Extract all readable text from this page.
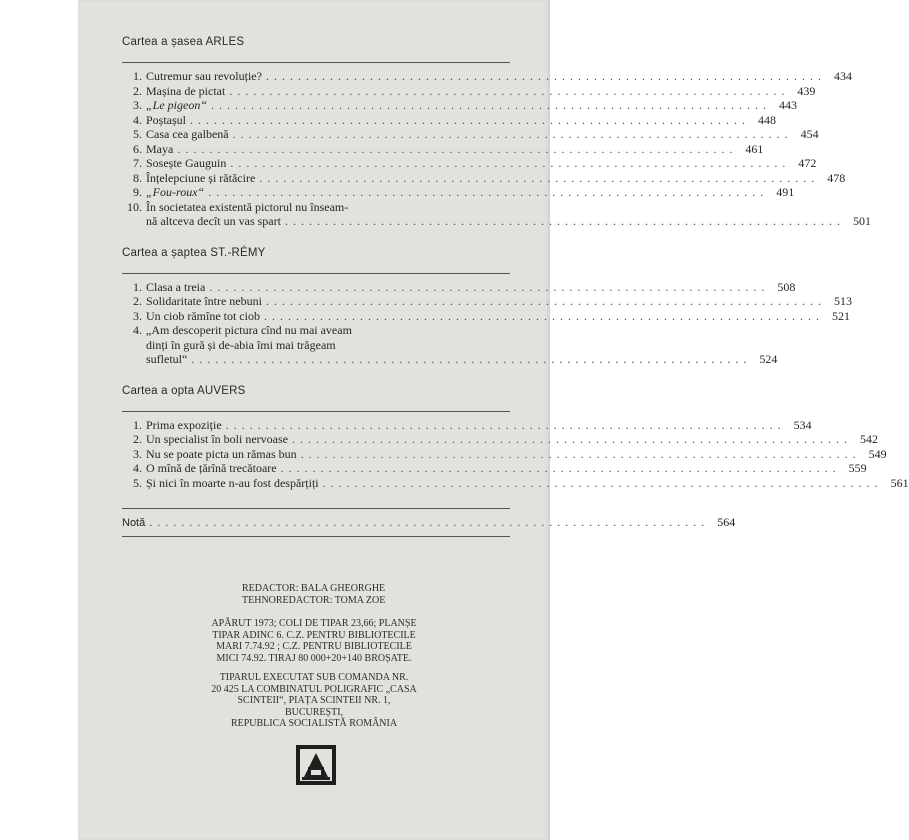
Cartea a șasea ARLES
1. Cutremur sau revoluție? . . .	434
2. Mașina de pictat . . .	439
3. „Le pigeon“ . . .	443
4. Poștașul . . .	448
5. Casa cea galbenă . . .	454
6. Maya . . .	461
7. Sosește Gauguin . . .	472
8. Înțelepciune și rătăcire . . .	478
9. „Fou-roux“ . . .	491
10. În societatea existentă pictorul nu înseam-
nă altceva decît un vas spart . . .	501
Cartea a șaptea ST.-RÉMY
1. Clasa a treia . . .	508
2. Solidaritate între nebuni . . .	513
3. Un ciob rămîne tot ciob . . .	521
4. „Am descoperit pictura cînd nu mai aveam
dinți în gură și de-abia îmi mai trăgeam
sufletul“ . . .	524
Cartea a opta AUVERS
1. Prima expoziție . . .	534
2. Un specialist în boli nervoase . . .	542
3. Nu se poate picta un rămas bun . . .	549
4. O mînă de țărînă trecătoare . . .	559
5. Și nici în moarte n-au fost despărțiți . . .	561
Notă . . .	564

REDACTOR: BALA GHEORGHE
TEHNOREDACTOR: TOMA ZOE

APĂRUT 1973; COLI DE TIPAR 23,66; PLANȘE
TIPAR ADINC 6. C.Z. PENTRU BIBLIOTECILE
MARI 7.74.92 ; C.Z. PENTRU BIBLIOTECILE
MICI 74.92. TIRAJ 80 000+20+140 BROȘATE.

TIPARUL EXECUTAT SUB COMANDA NR.
20 425 LA COMBINATUL POLIGRAFIC „CASA
SCINTEII“, PIAȚA SCINTEII NR. 1,
BUCUREȘTI,
REPUBLICA SOCIALISTĂ ROMÂNIA
